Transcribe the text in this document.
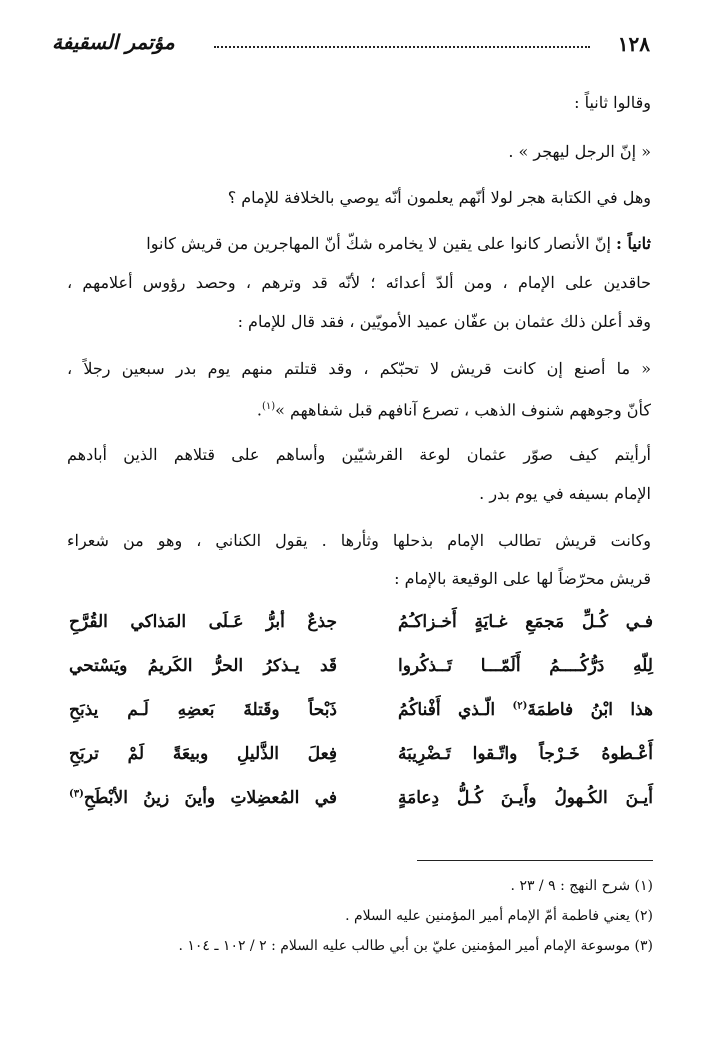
١٢٨
مؤتمر السقيفة
وقالوا ثانياً :
« إنّ الرجل ليهجر » .
وهل في الكتابة هجر لولا أنّهم يعلمون أنّه يوصي بالخلافة للإمام ؟
ثانياً : إنّ الأنصار كانوا على يقين لا يخامره شكّ أنّ المهاجرين من قريش كانوا
حاقدين على الإمام ، ومن ألدّ أعدائه ؛ لأنّه قد وترهم ، وحصد رؤوس أعلامهم ،
وقد أعلن ذلك عثمان بن عفّان عميد الأمويّين ، فقد قال للإمام :
« ما أصنع إن كانت قريش لا تحبّكم ، وقد قتلتم منهم يوم بدر سبعين رجلاً ،
كأنّ وجوههم شنوف الذهب ، تصرع آنافهم قبل شفاههم »$^{(١)}$.
أرأيتم كيف صوّر عثمان لوعة القرشيّين وأساهم على قتلاهم الذين أبادهم
الإمام بسيفه في يوم بدر .
وكانت قريش تطالب الإمام بذحلها وثأرها . يقول الكناني ، وهو من شعراء
قريش محرّضاً لها على الوقيعة بالإمام :
فـي كُـلِّ مَجمَعِ غـايَةٍ أَخـزاكـُمُ
جذعٌ أبرُّ عَـلَى المَذاكي القُرَّحِ
لِلّهِ دَرُّكُــــمُ أَلَمّـــا تَــذكُروا
قَد يـذكرُ الحرُّ الكَريمُ ويَسْتحي
هذا ابْنُ فاطمَةَ$^{(٢)}$ الّـذي أَفْناكُمُ
ذَبْحاً وقَتلةَ بَعضِهِ لَـم يذبَحِ
أَعْـطوهُ خَـرْجاً واتّـقوا تَـضْرِيبَهُ
فِعلَ الذَّليلِ وبيعَةً لَمْ تربَحِ
أَيـنَ الكُـهولُ وأَيـنَ كُـلُّ دِعامَةٍ
في المُعضِلاتِ وأينَ زينُ الأبْطَحِ$^{(٣)}$
(١) شرح النهج : ٩ / ٢٣ .
(٢) يعني فاطمة أمّ الإمام أمير المؤمنين عليه السلام .
(٣) موسوعة الإمام أمير المؤمنين عليّ بن أبي طالب عليه السلام : ٢ / ١٠٢ ـ ١٠٤ .
